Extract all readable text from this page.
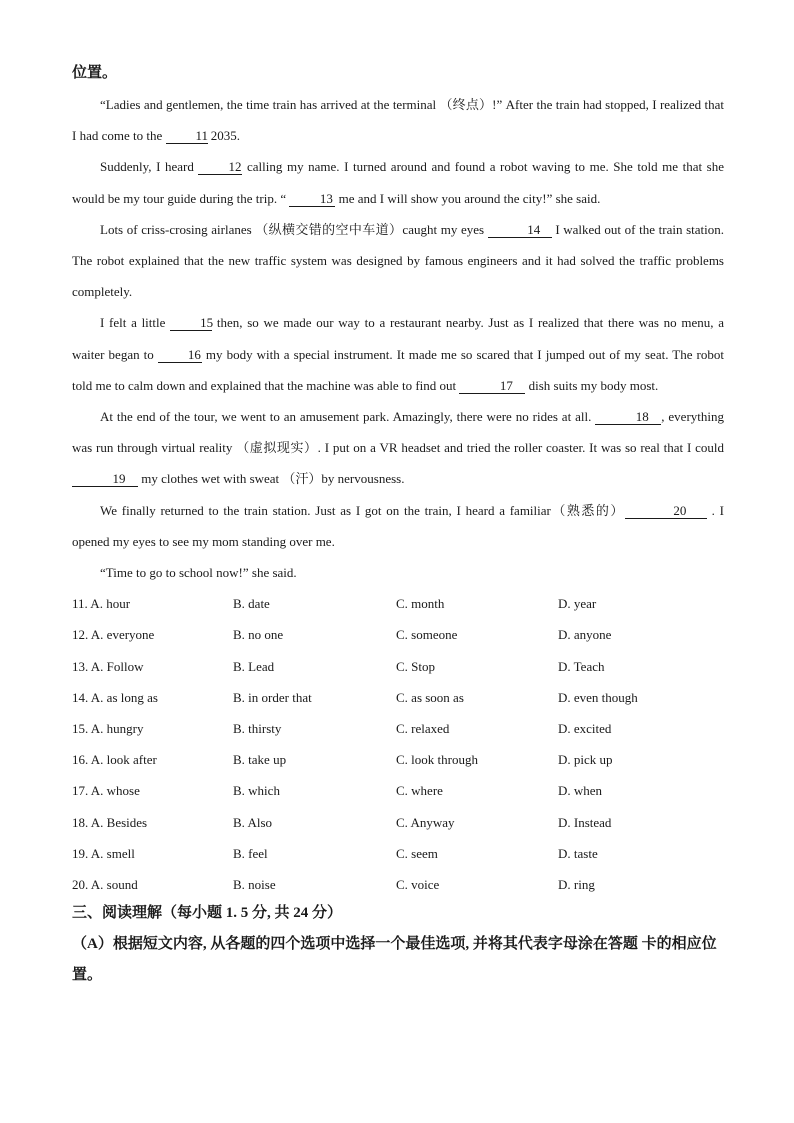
位置。

“Ladies and gentlemen, the time train has arrived at the terminal （终点）!” After the train had stopped, I realized that I had come to the 11 2035.

Suddenly, I heard 12 calling my name. I turned around and found a robot waving to me. She told me that she would be my tour guide during the trip. “ 13 me and I will show you around the city!” she said.

Lots of criss-crosing airlanes （纵横交错的空中车道）caught my eyes	14 I walked out of the train station. The robot explained that the new traffic system was designed by famous engineers and it had solved the traffic problems completely.

I felt a little 15 then, so we made our way to a restaurant nearby. Just as I realized that there was no menu, a waiter began to 16 my body with a special instrument. It made me so scared that I jumped out of my seat. The robot told me to calm down and explained that the machine was able to find out	17 dish suits my body most.

At the end of the tour, we went to an amusement park. Amazingly, there were no rides at all.	18 , everything was run through virtual reality （虚拟现实）. I put on a VR headset and tried the roller coaster. It was so real that I could 19 my clothes wet with sweat （汗）by nervousness.

We finally returned to the train station. Just as I got on the train, I heard a familiar（熟悉的）	20 . I opened my eyes to see my mom standing over me.

“Time to go to school now!” she said.

11. A. hour	B. date	C. month	D. year
12. A. everyone	B. no one	C. someone	D. anyone
13. A. Follow	B. Lead	C. Stop	D. Teach
14. A. as long as	B. in order that	C. as soon as	D. even though
15. A. hungry	B. thirsty	C. relaxed	D. excited
16. A. look after	B. take up	C. look through	D. pick up
17. A. whose	B. which	C. where	D. when
18. A. Besides	B. Also	C. Anyway	D. Instead
19. A. smell	B. feel	C. seem	D. taste
20. A. sound	B. noise	C. voice	D. ring
三、阅读理解（每小题 1. 5 分, 共 24 分）
（A）根据短文内容, 从各题的四个选项中选择一个最佳选项, 并将其代表字母涂在答题 卡的相应位置。
